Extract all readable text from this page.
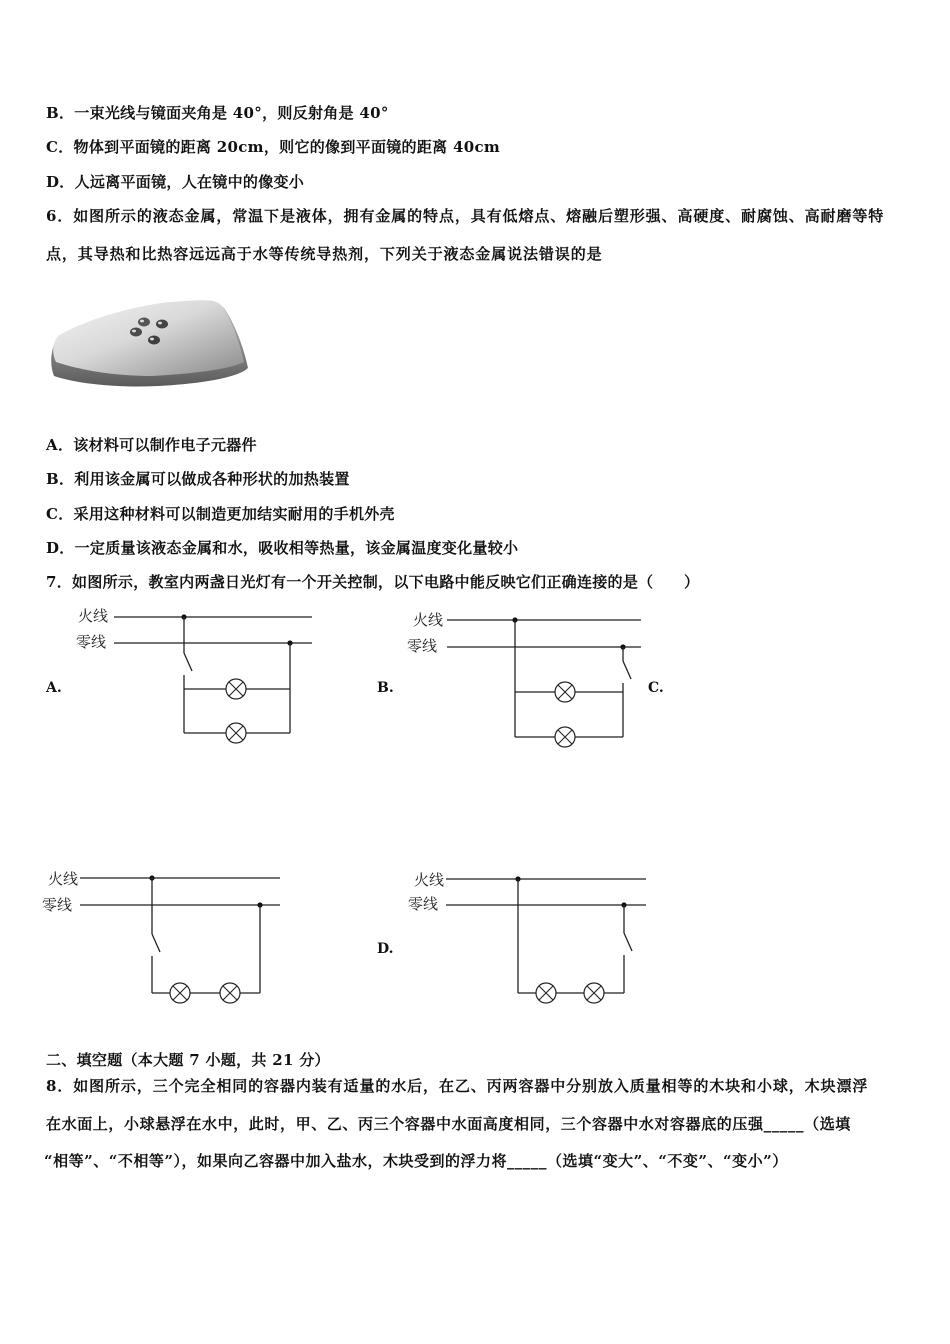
B．一束光线与镜面夹角是 40°，则反射角是 40°
C．物体到平面镜的距离 20cm，则它的像到平面镜的距离 40cm
D．人远离平面镜，人在镜中的像变小
6．如图所示的液态金属，常温下是液体，拥有金属的特点，具有低熔点、熔融后塑形强、高硬度、耐腐蚀、高耐磨等特
点，其导热和比热容远远高于水等传统导热剂，下列关于液态金属说法错误的是
A．该材料可以制作电子元器件
B．利用该金属可以做成各种形状的加热装置
C．采用这种材料可以制造更加结实耐用的手机外壳
D．一定质量该液态金属和水，吸收相等热量，该金属温度变化量较小
7．如图所示，教室内两盏日光灯有一个开关控制，以下电路中能反映它们正确连接的是（　　）
火线
零线
A.
火线
零线
B.	C.
火线
零线
火线
零线
D.
二、填空题（本大题 7 小题，共 21 分）
8．如图所示，三个完全相同的容器内装有适量的水后，在乙、丙两容器中分别放入质量相等的木块和小球，木块漂浮
在水面上，小球悬浮在水中，此时，甲、乙、丙三个容器中水面高度相同，三个容器中水对容器底的压强_____（选填
“相等”、“不相等”），如果向乙容器中加入盐水，木块受到的浮力将_____（选填“变大”、“不变”、“变小”）
